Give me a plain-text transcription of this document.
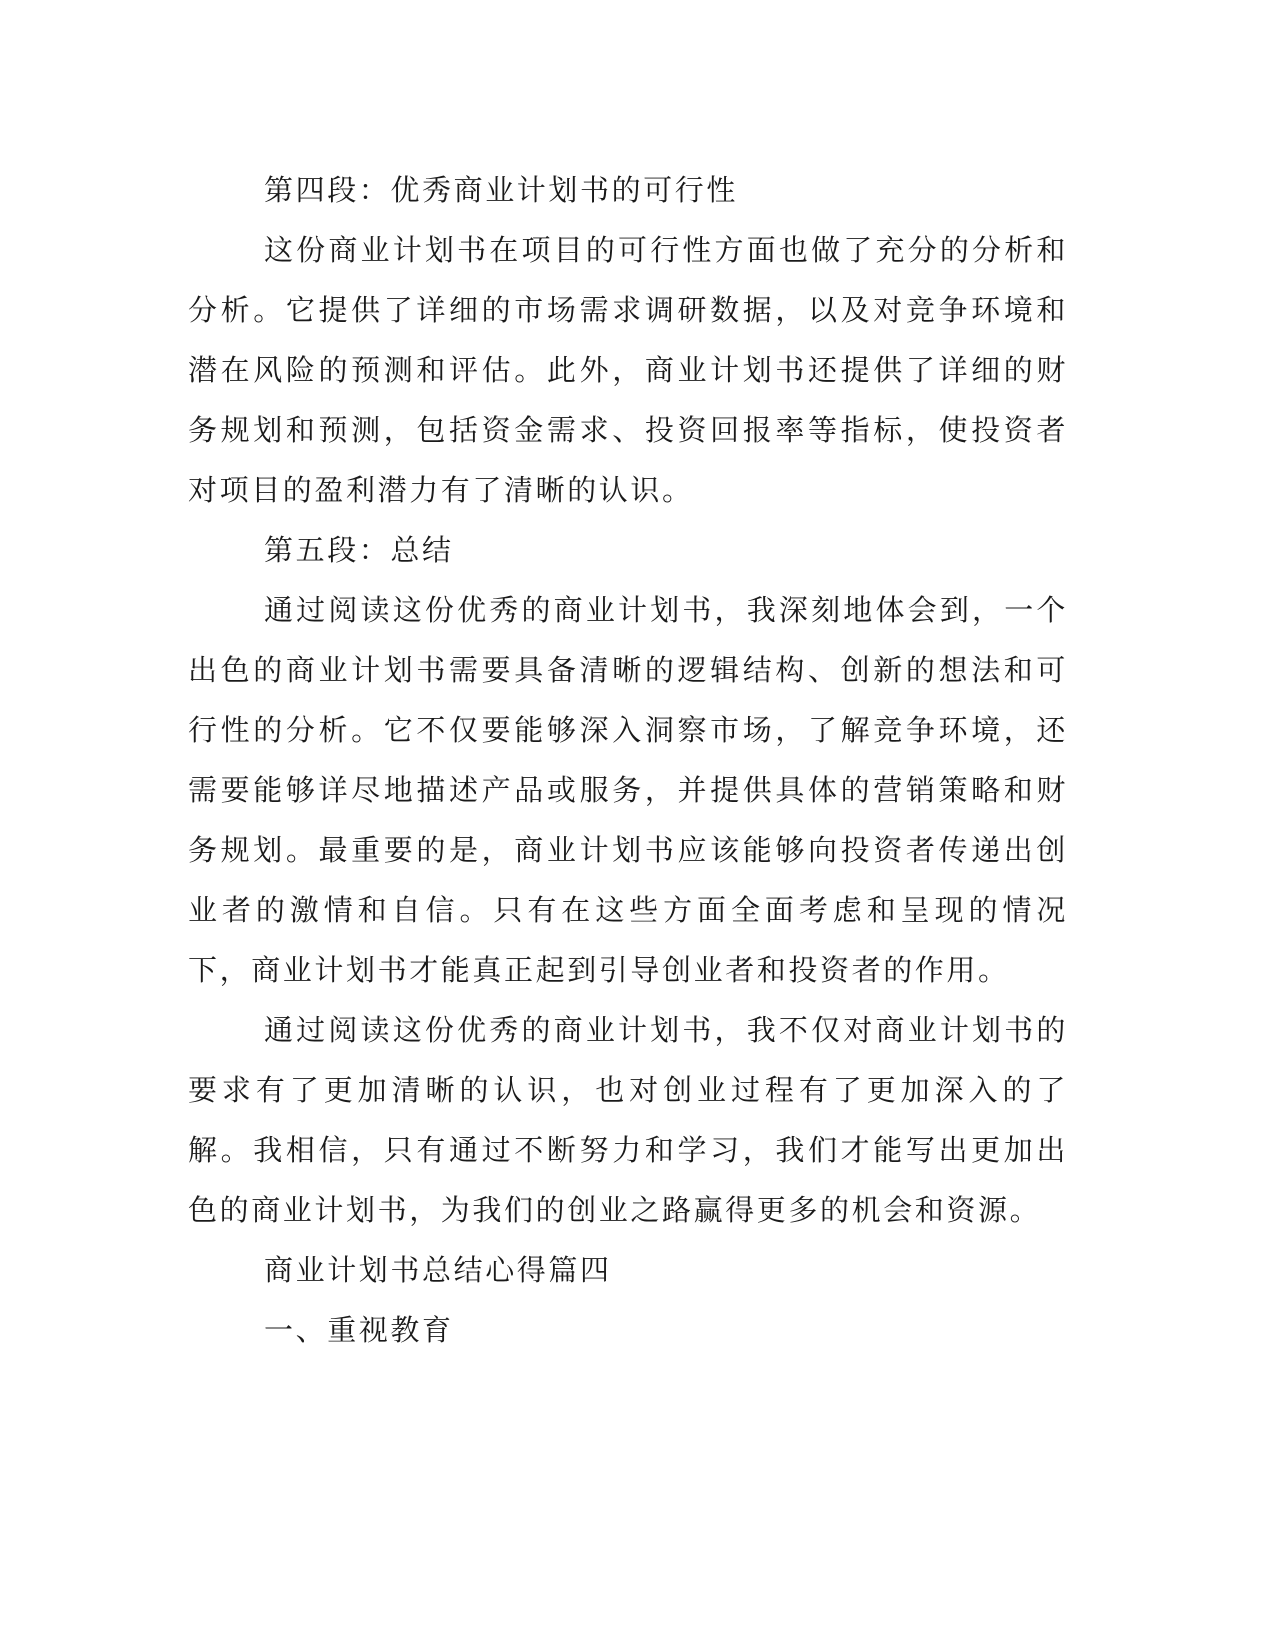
第四段：优秀商业计划书的可行性

这份商业计划书在项目的可行性方面也做了充分的分析和分析。它提供了详细的市场需求调研数据，以及对竞争环境和潜在风险的预测和评估。此外，商业计划书还提供了详细的财务规划和预测，包括资金需求、投资回报率等指标，使投资者对项目的盈利潜力有了清晰的认识。

第五段：总结

通过阅读这份优秀的商业计划书，我深刻地体会到，一个出色的商业计划书需要具备清晰的逻辑结构、创新的想法和可行性的分析。它不仅要能够深入洞察市场，了解竞争环境，还需要能够详尽地描述产品或服务，并提供具体的营销策略和财务规划。最重要的是，商业计划书应该能够向投资者传递出创业者的激情和自信。只有在这些方面全面考虑和呈现的情况下，商业计划书才能真正起到引导创业者和投资者的作用。

通过阅读这份优秀的商业计划书，我不仅对商业计划书的要求有了更加清晰的认识，也对创业过程有了更加深入的了解。我相信，只有通过不断努力和学习，我们才能写出更加出色的商业计划书，为我们的创业之路赢得更多的机会和资源。

商业计划书总结心得篇四

一、重视教育
